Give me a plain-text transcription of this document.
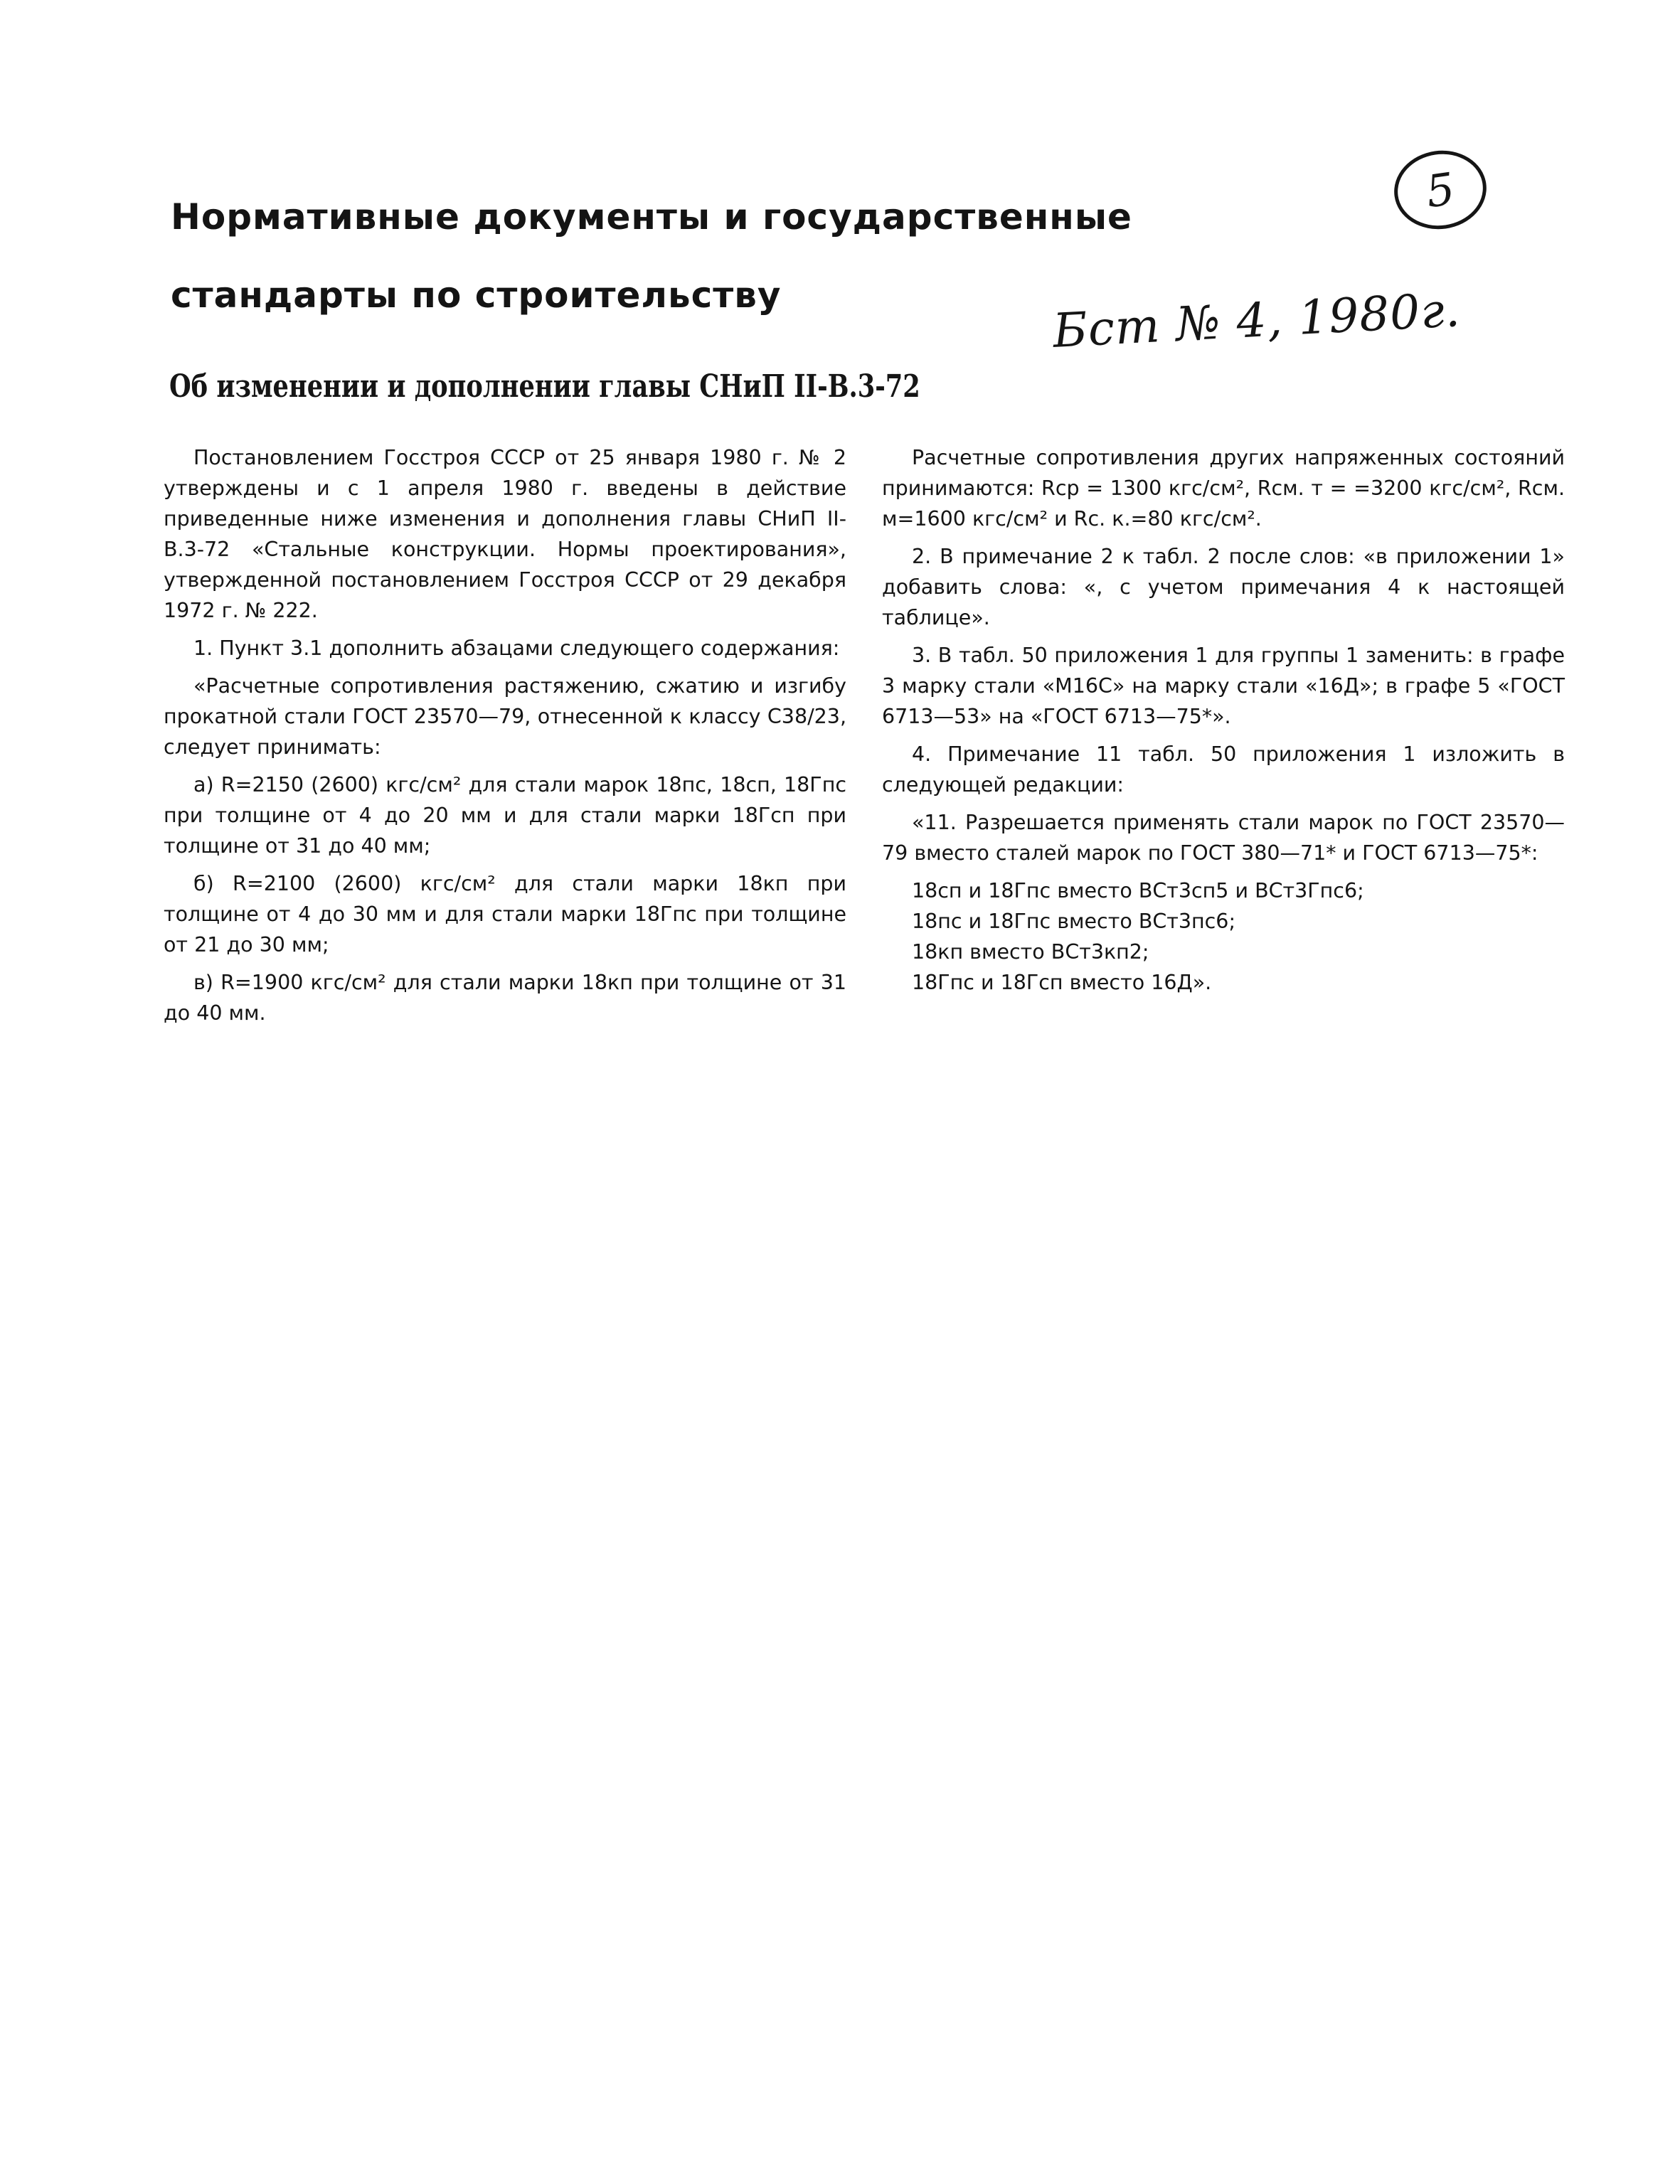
Нормативные документы и государственные
стандарты по строительству
5
Бст № 4, 1980г.
Об изменении и дополнении главы СНиП II-В.3-72

Постановлением Госстроя СССР от 25 января 1980 г. № 2 утверждены и с 1 апреля 1980 г. введены в действие приведенные ниже изменения и дополнения главы СНиП II-В.3-72 «Стальные конструкции. Нормы проектирования», утвержденной постановлением Госстроя СССР от 29 декабря 1972 г. № 222.

1. Пункт 3.1 дополнить абзацами следующего содержания:

«Расчетные сопротивления растяжению, сжатию и изгибу прокатной стали ГОСТ 23570—79, отнесенной к классу С38/23, следует принимать:

а) R=2150 (2600) кгс/см² для стали марок 18пс, 18сп, 18Гпс при толщине от 4 до 20 мм и для стали марки 18Гсп при толщине от 31 до 40 мм;

б) R=2100 (2600) кгс/см² для стали марки 18кп при толщине от 4 до 30 мм и для стали марки 18Гпс при толщине от 21 до 30 мм;

в) R=1900 кгс/см² для стали марки 18кп при толщине от 31 до 40 мм.

Расчетные сопротивления других напряженных состояний принимаются: Rср = 1300 кгс/см², Rсм. т = =3200 кгс/см², Rсм. м=1600 кгс/см² и Rс. к.=80 кгс/см².

2. В примечание 2 к табл. 2 после слов: «в приложении 1» добавить слова: «, с учетом примечания 4 к настоящей таблице».

3. В табл. 50 приложения 1 для группы 1 заменить: в графе 3 марку стали «М16С» на марку стали «16Д»; в графе 5 «ГОСТ 6713—53» на «ГОСТ 6713—75*».

4. Примечание 11 табл. 50 приложения 1 изложить в следующей редакции:

«11. Разрешается применять стали марок по ГОСТ 23570—79 вместо сталей марок по ГОСТ 380—71* и ГОСТ 6713—75*:

18сп и 18Гпс вместо ВСт3сп5 и ВСт3Гпс6;

18пс и 18Гпс вместо ВСт3пс6;

18кп вместо ВСт3кп2;

18Гпс и 18Гсп вместо 16Д».
